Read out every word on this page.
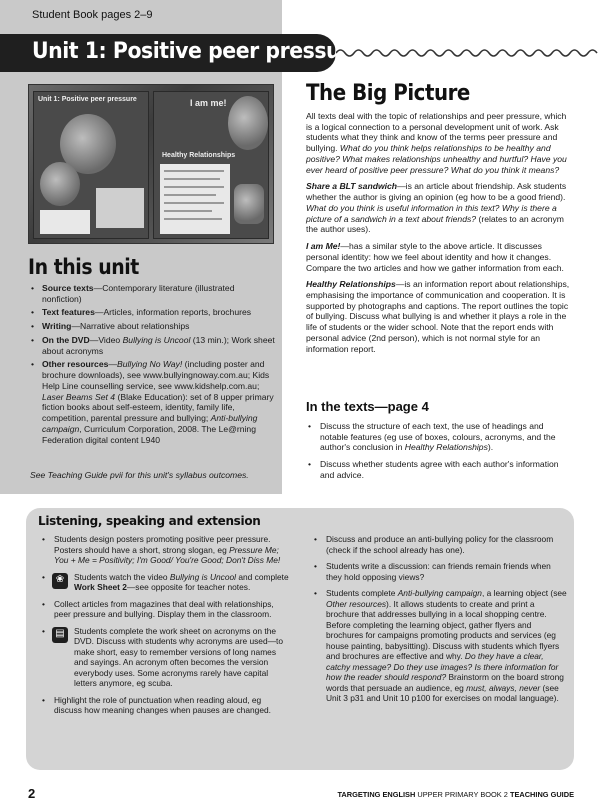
Student Book pages 2–9
Unit 1: Positive peer pressure
Unit 1: Positive peer pressure	I am me!
Healthy Relationships
In this unit
• Source texts—Contemporary literature (illustrated nonfiction)
• Text features—Articles, information reports, brochures
• Writing—Narrative about relationships
• On the DVD—Video Bullying is Uncool (13 min.); Work sheet about acronyms
• Other resources—Bullying No Way! (including poster and brochure downloads), see www.bullyingnoway.com.au; Kids Help Line counselling service, see www.kidshelp.com.au; Laser Beams Set 4 (Blake Education): set of 8 upper primary fiction books about self-esteem, identity, family life, competition, parental pressure and bullying; Anti-bullying campaign, Curriculum Corporation, 2008. The Le@rning Federation digital content L940
See Teaching Guide pvii for this unit's syllabus outcomes.
The Big Picture

All texts deal with the topic of relationships and peer pressure, which is a logical connection to a personal development unit of work. Ask students what they think and know of the terms peer pressure and bullying. What do you think helps relationships to be healthy and positive? What makes relationships unhealthy and hurtful? Have you ever heard of positive peer pressure? What do you think it means?

Share a BLT sandwich—is an article about friendship. Ask students whether the author is giving an opinion (eg how to be a good friend). What do you think is useful information in this text? Why is there a picture of a sandwich in a text about friends? (relates to an acronym the author uses).

I am Me!—has a similar style to the above article. It discusses personal identity: how we feel about identity and how it changes. Compare the two articles and how we gather information from each.

Healthy Relationships—is an information report about relationships, emphasising the importance of communication and cooperation. It is supported by photographs and captions. The report outlines the topic of bullying. Discuss what bullying is and whether it plays a role in the life of students or the wider school. Note that the report ends with personal advice (2nd person), which is not normal style for an information report.

In the texts—page 4
• Discuss the structure of each text, the use of headings and notable features (eg use of boxes, colours, acronyms, and the author's conclusion in Healthy Relationships).
• Discuss whether students agree with each author's information and advice.
Listening, speaking and extension
• Students design posters promoting positive peer pressure. Posters should have a short, strong slogan, eg Pressure Me; You + Me = Positivity; I'm Good/ You're Good; Don't Diss Me!
• ❀	Students watch the video Bullying is Uncool and complete Work Sheet 2—see opposite for teacher notes.
• Collect articles from magazines that deal with relationships, peer pressure and bullying. Display them in the classroom.
• ▤	Students complete the work sheet on acronyms on the DVD. Discuss with students why acronyms are used—to make short, easy to remember versions of long names and sayings. An acronym often becomes the version everybody uses. Some acronyms rarely have capital letters anymore, eg scuba.
• Highlight the role of punctuation when reading aloud, eg discuss how meaning changes when pauses are changed.
• Discuss and produce an anti-bullying policy for the classroom (check if the school already has one).
• Students write a discussion: can friends remain friends when they hold opposing views?
• Students complete Anti-bullying campaign, a learning object (see Other resources). It allows students to create and print a brochure that addresses bullying in a local shopping centre. Before completing the learning object, gather flyers and brochures for campaigns promoting products and services (eg house painting, babysitting). Discuss with students which flyers and brochures are effective and why. Do they have a clear, catchy message? Do they use images? Is there information for how the reader should respond? Brainstorm on the board strong words that persuade an audience, eg must, always, never (see Unit 3 p31 and Unit 10 p100 for exercises on modal language).
2	TARGETING ENGLISH UPPER PRIMARY BOOK 2 TEACHING GUIDE
